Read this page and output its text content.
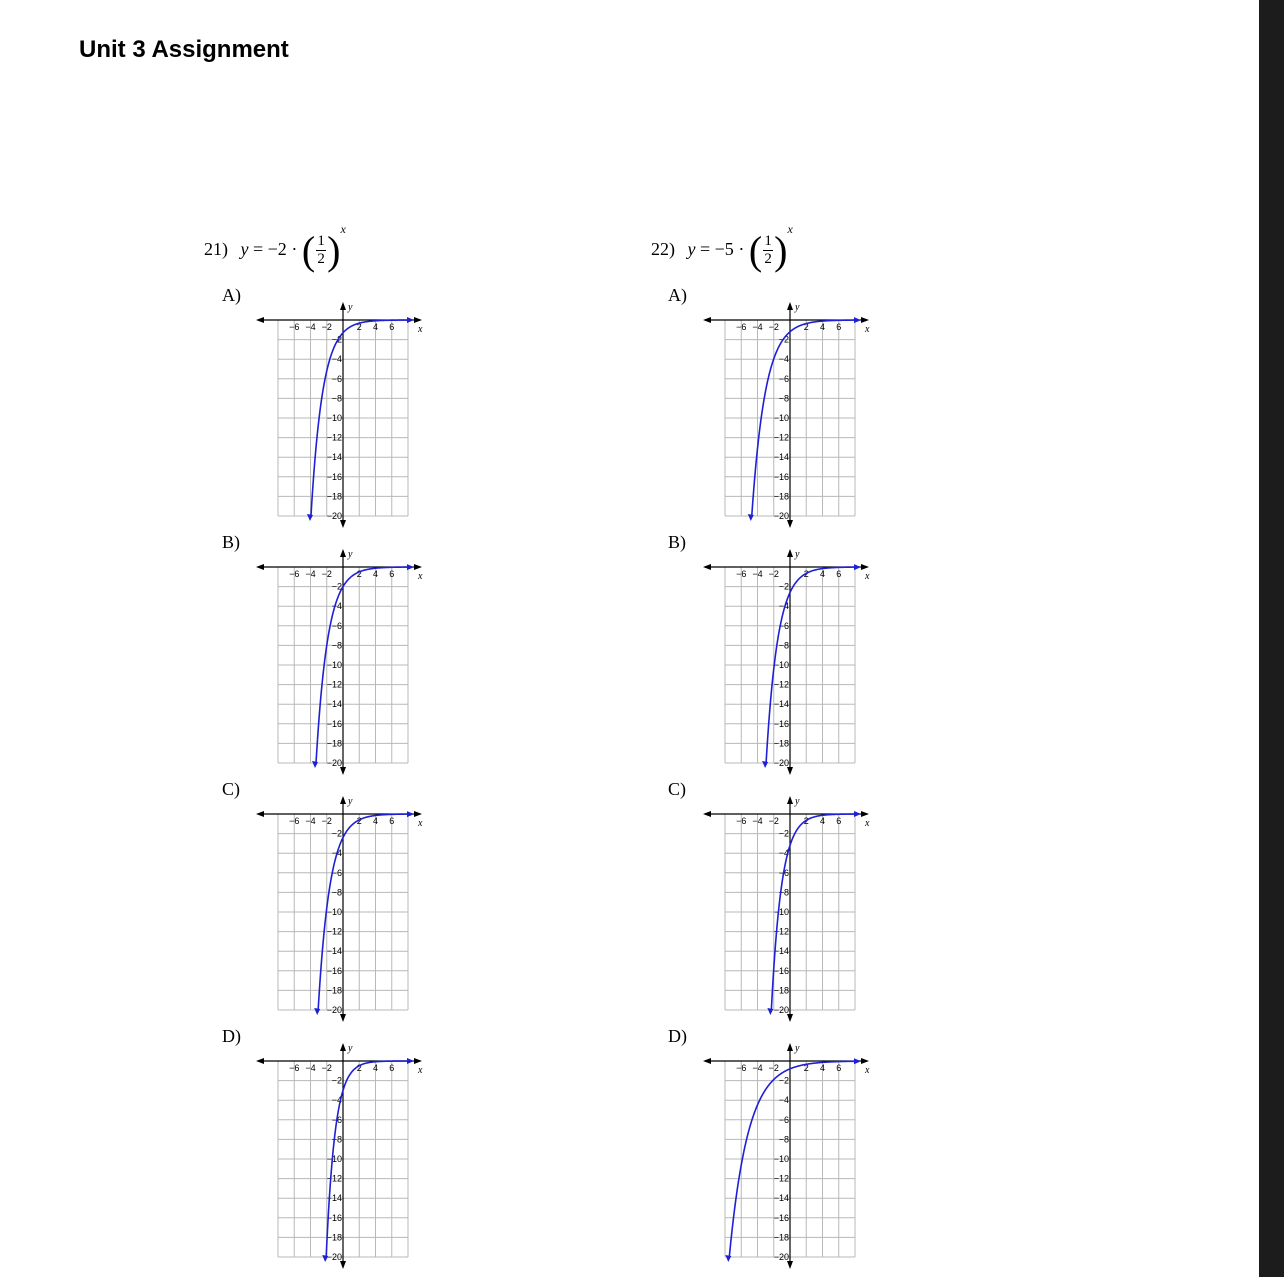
Unit 3 Assignment
21) y = −2 · ( $\frac{1}{2} )^x$
22) y = −5 · ( $\frac{1}{2} )^x$
A)
B)
C)
D)
A)
B)
C)
D)
x
y
−6 −4 −2	2 4 6
−2
−4
−6
−8
−10
−12
−14
−16
−18
−20
x
y
−6 −4 −2	2 4 6
−2
−4
−6
−8
−10
−12
−14
−16
−18
−20
x
y
−6 −4 −2	2 4 6
−2
−4
−6
−8
−10
−12
−14
−16
−18
−20
x
y
−6 −4 −2	2 4 6
−2
−4
−6
−8
−10
−12
−14
−16
−18
−20
x
y
−6 −4 −2	2 4 6
−2
−4
−6
−8
−10
−12
−14
−16
−18
−20
x
y
−6 −4 −2	2 4 6
−2
−4
−6
−8
−10
−12
−14
−16
−18
−20
x
y
−6 −4 −2	2 4 6
−2
−4
−6
−8
−10
−12
−14
−16
−18
−20
x
y
−6 −4 −2	2 4 6
−2
−4
−6
−8
−10
−12
−14
−16
−18
−20
